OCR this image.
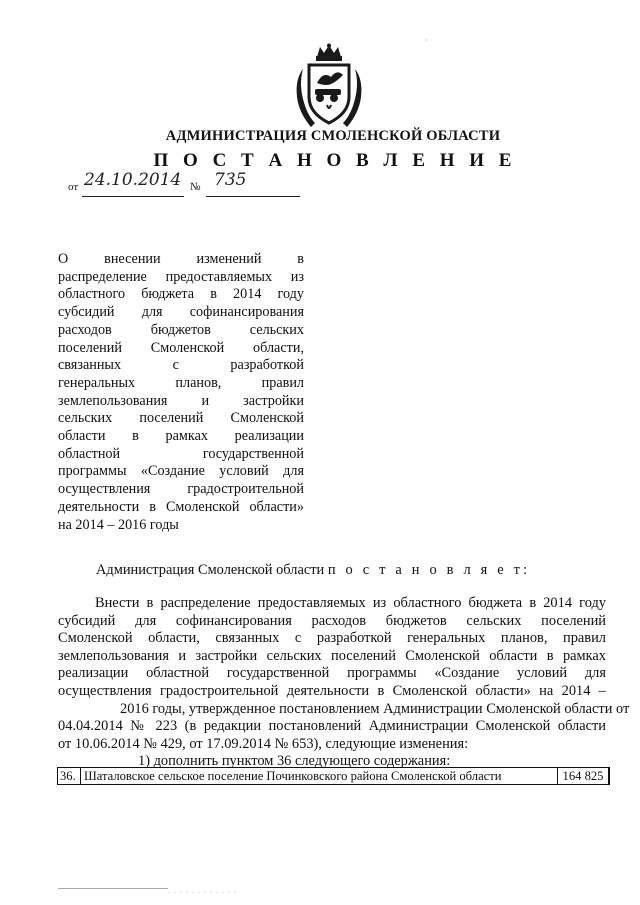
·
АДМИНИСТРАЦИЯ СМОЛЕНСКОЙ ОБЛАСТИ
П О С Т А Н О В Л Е Н И Е
от 24.10.2014 № 735
О внесении изменений в
распределение предоставляемых из
областного бюджета в 2014 году
субсидий для софинансирования
расходов бюджетов сельских
поселений Смоленской области,
связанных с разработкой
генеральных планов, правил
землепользования и застройки
сельских поселений Смоленской
области в рамках реализации
областной государственной
программы «Создание условий для
осуществления градостроительной
деятельности в Смоленской области»
на 2014 – 2016 годы
Администрация Смоленской области п о с т а н о в л я е т:
Внести в распределение предоставляемых из областного бюджета в 2014 году
субсидий для софинансирования расходов бюджетов сельских поселений
Смоленской области, связанных с разработкой генеральных планов, правил
землепользования и застройки сельских поселений Смоленской области в рамках
реализации областной государственной программы «Создание условий для
осуществления градостроительной деятельности в Смоленской области» на 2014 –
2016 годы, утвержденное постановлением Администрации Смоленской области от
04.04.2014 № 223 (в редакции постановлений Администрации Смоленской области
от 10.06.2014 № 429, от 17.09.2014 № 653), следующие изменения:
1) дополнить пунктом 36 следующего содержания:
36.	Шаталовское сельское поселение Починковского района Смоленской области	164 825
. . . . . . . . . . . .
